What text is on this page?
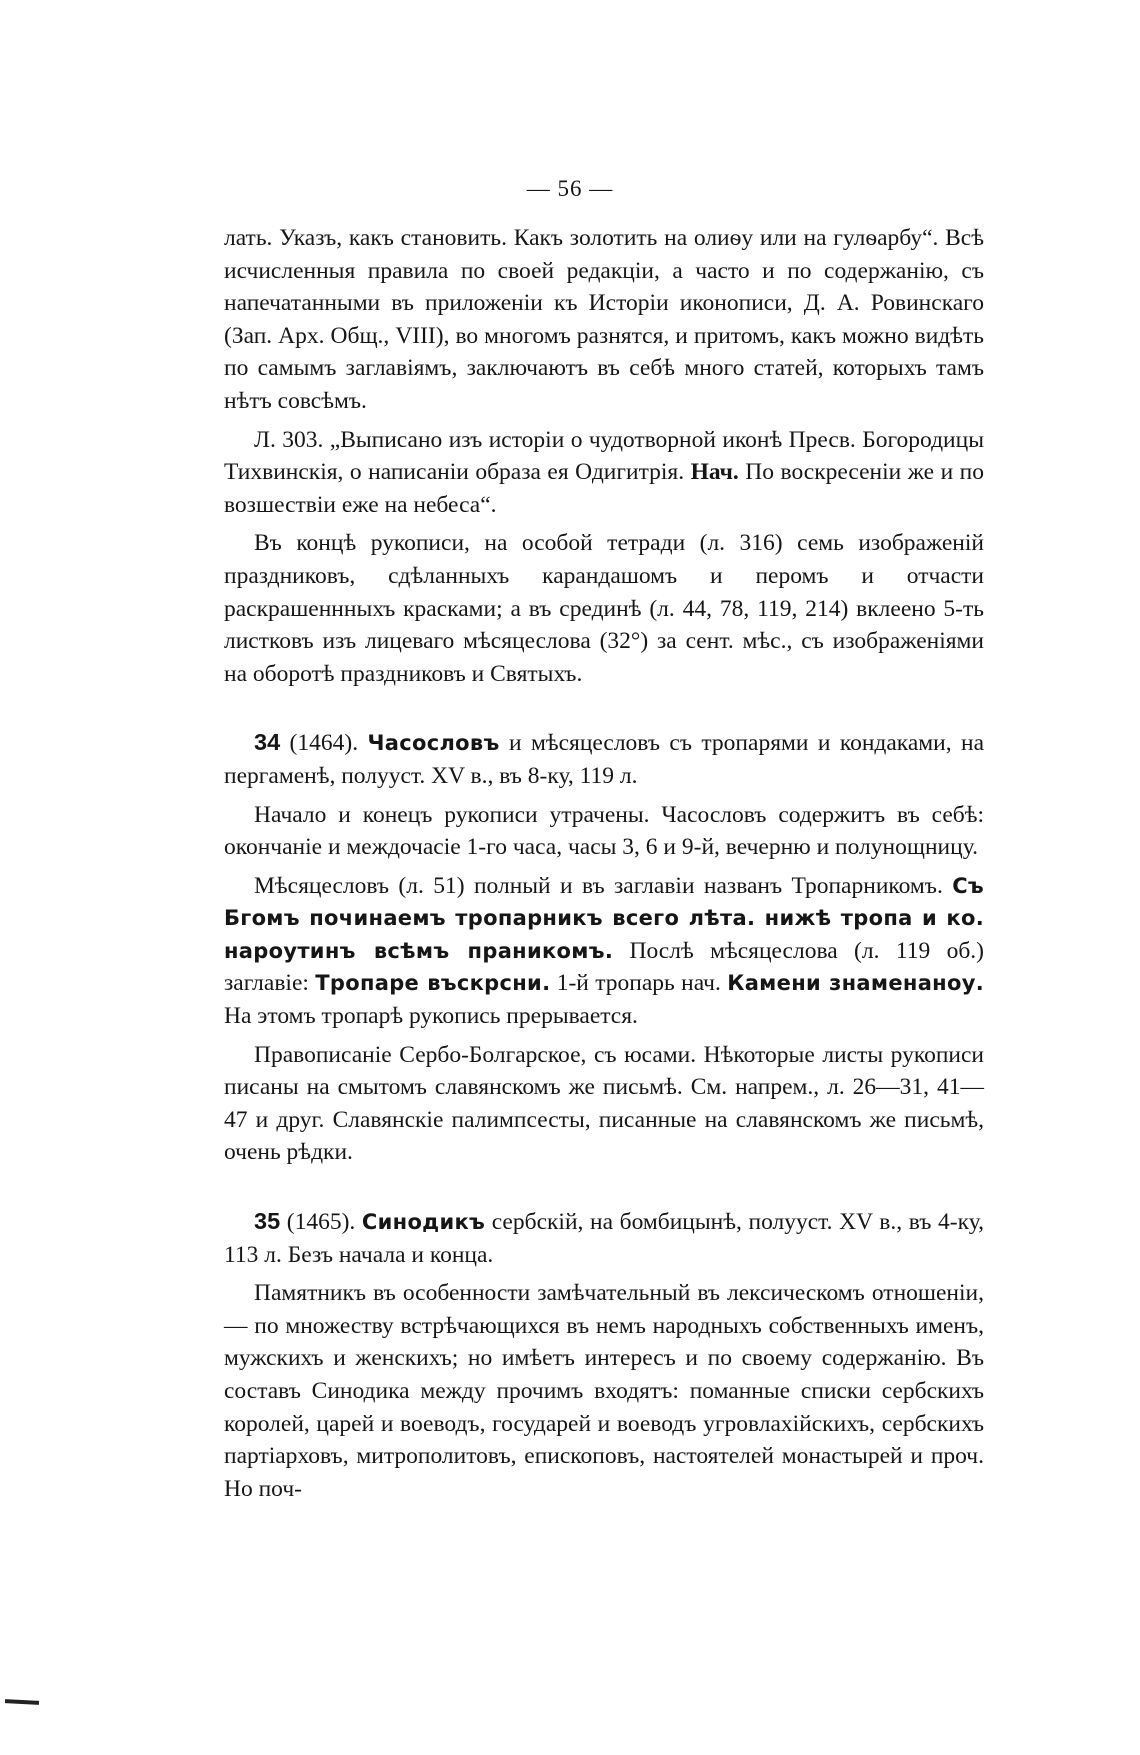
— 56 —

лать. Указъ, какъ становить. Какъ золотить на олиѳу или на гулѳарбу“. Всѣ исчисленныя правила по своей редакціи, а часто и по содержанію, съ напечатанными въ приложеніи къ Исторіи иконописи, Д. А. Ровинскаго (Зап. Арх. Общ., VIII), во многомъ разнятся, и притомъ, какъ можно видѣть по самымъ заглавіямъ, заключаютъ въ себѣ много статей, которыхъ тамъ нѣтъ совсѣмъ.

Л. 303. „Выписано изъ исторіи о чудотворной иконѣ Пресв. Богородицы Тихвинскія, о написаніи образа ея Одигитрія. Нач. По воскресеніи же и по возшествіи еже на небеса“.

Въ концѣ рукописи, на особой тетради (л. 316) семь изображеній праздниковъ, сдѣланныхъ карандашомъ и перомъ и отчасти раскрашеннныхъ красками; а въ срединѣ (л. 44, 78, 119, 214) вклеено 5-ть листковъ изъ лицеваго мѣсяцеслова (32°) за сент. мѣс., съ изображеніями на оборотѣ праздниковъ и Святыхъ.

34 (1464). Часословъ и мѣсяцесловъ съ тропарями и кондаками, на пергаменѣ, полууст. XV в., въ 8-ку, 119 л.

Начало и конецъ рукописи утрачены. Часословъ содержитъ въ себѣ: окончаніе и междочасіе 1-го часа, часы 3, 6 и 9-й, вечерню и полунощницу.

Мѣсяцесловъ (л. 51) полный и въ заглавіи названъ Тропарникомъ. Съ Бгомъ починаемъ тропарникъ всего лѣта. нижѣ тропа и ко. нароутинъ всѣмъ праникомъ. Послѣ мѣсяцеслова (л. 119 об.) заглавіе: Тропаре въскрсни. 1-й тропарь нач. Камени знаменаноу. На этомъ тропарѣ рукопись прерывается.

Правописаніе Сербо-Болгарское, съ юсами. Нѣкоторые листы рукописи писаны на смытомъ славянскомъ же письмѣ. См. напрем., л. 26—31, 41—47 и друг. Славянскіе палимпсесты, писанные на славянскомъ же письмѣ, очень рѣдки.

35 (1465). Синодикъ сербскій, на бомбицынѣ, полууст. XV в., въ 4-ку, 113 л. Безъ начала и конца.

Памятникъ въ особенности замѣчательный въ лексическомъ отношеніи, — по множеству встрѣчающихся въ немъ народныхъ собственныхъ именъ, мужскихъ и женскихъ; но имѣетъ интересъ и по своему содержанію. Въ составъ Синодика между прочимъ входятъ: поманные списки сербскихъ королей, царей и воеводъ, государей и воеводъ угровлахійскихъ, сербскихъ партіарховъ, митрополитовъ, епископовъ, настоятелей монастырей и проч. Но поч-
